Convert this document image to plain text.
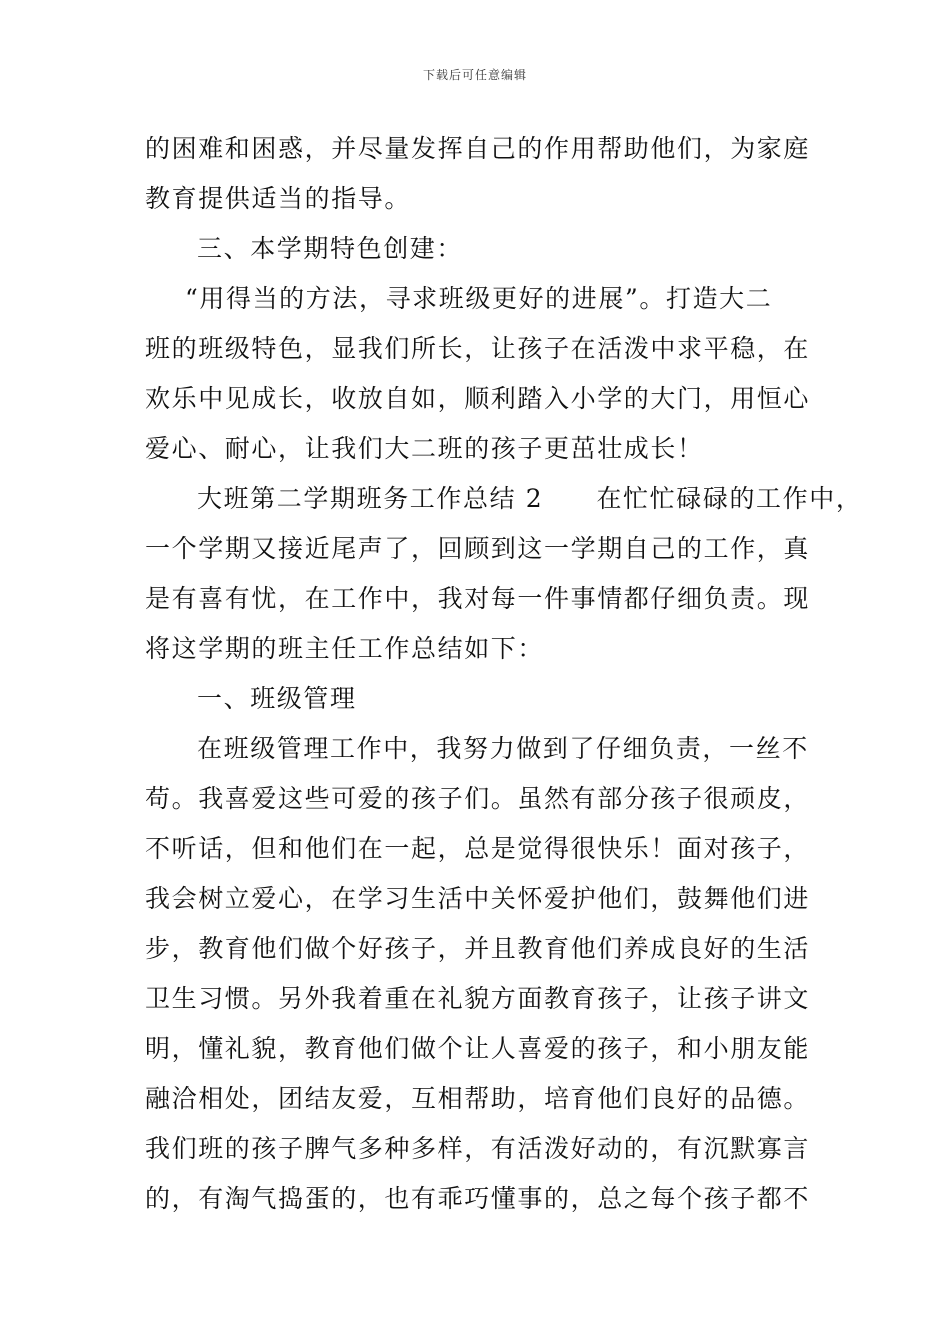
下载后可任意编辑
的困难和困惑，并尽量发挥自己的作用帮助他们，为家庭
教育提供适当的指导。
三、本学期特色创建：
“用得当的方法，寻求班级更好的进展”。打造大二
班的班级特色，显我们所长，让孩子在活泼中求平稳，在
欢乐中见成长，收放自如，顺利踏入小学的大门，用恒心
爱心、耐心，让我们大二班的孩子更茁壮成长！
大班第二学期班务工作总结 2　　在忙忙碌碌的工作中，
一个学期又接近尾声了，回顾到这一学期自己的工作，真
是有喜有忧，在工作中，我对每一件事情都仔细负责。现
将这学期的班主任工作总结如下：
一、班级管理
在班级管理工作中，我努力做到了仔细负责，一丝不
苟。我喜爱这些可爱的孩子们。虽然有部分孩子很顽皮，
不听话，但和他们在一起，总是觉得很快乐！面对孩子，
我会树立爱心，在学习生活中关怀爱护他们，鼓舞他们进
步，教育他们做个好孩子，并且教育他们养成良好的生活
卫生习惯。另外我着重在礼貌方面教育孩子，让孩子讲文
明，懂礼貌，教育他们做个让人喜爱的孩子，和小朋友能
融洽相处，团结友爱，互相帮助，培育他们良好的品德。
我们班的孩子脾气多种多样，有活泼好动的，有沉默寡言
的，有淘气捣蛋的，也有乖巧懂事的，总之每个孩子都不
